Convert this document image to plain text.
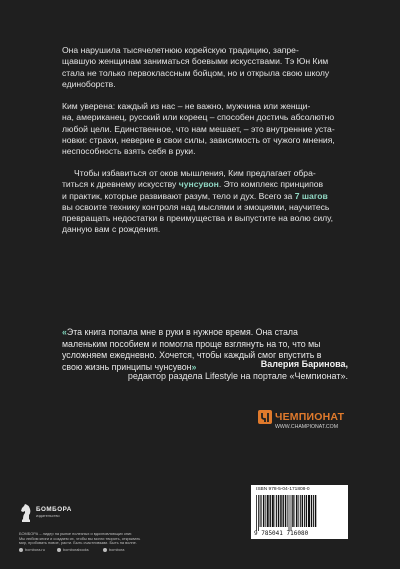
Она нарушила тысячелетнюю корейскую традицию, запре-
щавшую женщинам заниматься боевыми искусствами. Тэ Юн Ким
стала не только первоклассным бойцом, но и открыла свою школу
единоборств.

Ким уверена: каждый из нас – не важно, мужчина или женщи-
на, американец, русский или кореец – способен достичь абсолютно
любой цели. Единственное, что нам мешает, – это внутренние уста-
новки: страхи, неверие в свои силы, зависимость от чужого мнения,
неспособность взять себя в руки.

Чтобы избавиться от оков мышления, Ким предлагает обра-
титься к древнему искусству чунсувон. Это комплекс принципов
и практик, которые развивают разум, тело и дух. Всего за 7 шагов
вы освоите технику контроля над мыслями и эмоциями, научитесь
превращать недостатки в преимущества и выпустите на волю силу,
данную вам с рождения.

«Эта книга попала мне в руки в нужное время. Она стала
маленьким пособием и помогла проще взглянуть на то, что мы
усложняем ежедневно. Хочется, чтобы каждый смог впустить в
свою жизнь принципы чунсувон»	Валерия Баринова,
редактор раздела Lifestyle на портале «Чемпионат».
ЧЕМПИОНАТ
WWW.CHAMPIONAT.COM
ISBN 978-5-04-171808-0
9 785041 716080
БОМБОРА
издательство
БОМБОРА – лидер на рынке полезных и вдохновляющих книг.
Мы любим книги и создаем их, чтобы вы могли творить, открывать
мир, пробовать новое, расти. Быть счастливыми. Быть на волне.
bombora.ru	bomborabooks	bombora
